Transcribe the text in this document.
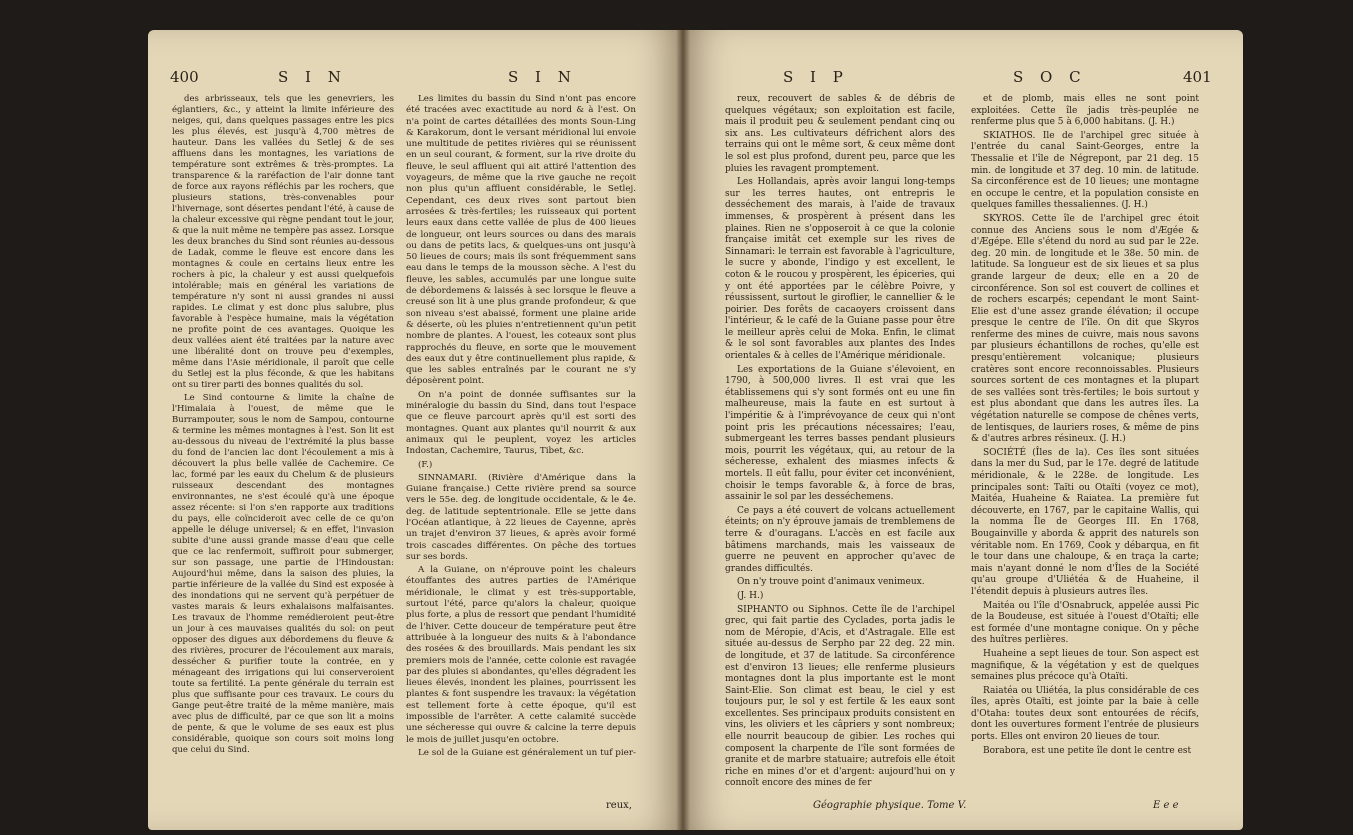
400	S I N	S I N

des arbrisseaux, tels que les genevriers, les églantiers, &c., y atteint la limite inférieure des neiges, qui, dans quelques passages entre les pics les plus élevés, est jusqu'à 4,700 mètres de hauteur. Dans les vallées du Setlej & de ses affluens dans les montagnes, les variations de température sont extrêmes & très-promptes. La transparence & la raréfaction de l'air donne tant de force aux rayons réfléchis par les rochers, que plusieurs stations, très-convenables pour l'hivernage, sont désertes pendant l'été, à cause de la chaleur excessive qui règne pendant tout le jour, & que la nuit même ne tempère pas assez. Lorsque les deux branches du Sind sont réunies au-dessous de Ladak, comme le fleuve est encore dans les montagnes & coule en certains lieux entre les rochers à pic, la chaleur y est aussi quelquefois intolérable; mais en général les variations de température n'y sont ni aussi grandes ni aussi rapides. Le climat y est donc plus salubre, plus favorable à l'espèce humaine, mais la végétation ne profite point de ces avantages. Quoique les deux vallées aient été traitées par la nature avec une libéralité dont on trouve peu d'exemples, même dans l'Asie méridionale, il paroît que celle du Setlej est la plus féconde, & que les habitans ont su tirer parti des bonnes qualités du sol.

Le Sind contourne & limite la chaîne de l'Himalaia à l'ouest, de même que le Burrampouter, sous le nom de Sampou, contourne & termine les mêmes montagnes à l'est. Son lit est au-dessous du niveau de l'extrémité la plus basse du fond de l'ancien lac dont l'écoulement a mis à découvert la plus belle vallée de Cachemire. Ce lac, formé par les eaux du Chelum & de plusieurs ruisseaux descendant des montagnes environnantes, ne s'est écoulé qu'à une époque assez récente: si l'on s'en rapporte aux traditions du pays, elle coïncideroit avec celle de ce qu'on appelle le déluge universel; & en effet, l'invasion subite d'une aussi grande masse d'eau que celle que ce lac renfermoit, suffiroit pour submerger, sur son passage, une partie de l'Hindoustan: Aujourd'hui même, dans la saison des pluies, la partie inférieure de la vallée du Sind est exposée à des inondations qui ne servent qu'à perpétuer de vastes marais & leurs exhalaisons malfaisantes. Les travaux de l'homme remédieroient peut-être un jour à ces mauvaises qualités du sol: on peut opposer des digues aux débordemens du fleuve & des rivières, procurer de l'écoulement aux marais, dessécher & purifier toute la contrée, en y ménageant des irrigations qui lui conserveroient toute sa fertilité. La pente générale du terrain est plus que suffisante pour ces travaux. Le cours du Gange peut-être traité de la même manière, mais avec plus de difficulté, par ce que son lit a moins de pente, & que le volume de ses eaux est plus considérable, quoique son cours soit moins long que celui du Sind.

Les limites du bassin du Sind n'ont pas encore été tracées avec exactitude au nord & à l'est. On n'a point de cartes détaillées des monts Soun-Ling & Karakorum, dont le versant méridional lui envoie une multitude de petites rivières qui se réunissent en un seul courant, & forment, sur la rive droite du fleuve, le seul affluent qui ait attiré l'attention des voyageurs, de même que la rive gauche ne reçoit non plus qu'un affluent considérable, le Setlej. Cependant, ces deux rives sont partout bien arrosées & très-fertiles; les ruisseaux qui portent leurs eaux dans cette vallée de plus de 400 lieues de longueur, ont leurs sources ou dans des marais ou dans de petits lacs, & quelques-uns ont jusqu'à 50 lieues de cours; mais ils sont fréquemment sans eau dans le temps de la mousson sèche. A l'est du fleuve, les sables, accumulés par une longue suite de débordemens & laissés à sec lorsque le fleuve a creusé son lit à une plus grande profondeur, & que son niveau s'est abaissé, forment une plaine aride & déserte, où les pluies n'entretiennent qu'un petit nombre de plantes. A l'ouest, les coteaux sont plus rapprochés du fleuve, en sorte que le mouvement des eaux dut y être continuellement plus rapide, & que les sables entraînés par le courant ne s'y déposèrent point.

On n'a point de donnée suffisantes sur la minéralogie du bassin du Sind, dans tout l'espace que ce fleuve parcourt après qu'il est sorti des montagnes. Quant aux plantes qu'il nourrit & aux animaux qui le peuplent, voyez les articles Indostan, Cachemire, Taurus, Tibet, &c.

(F.)

SINNAMARI. (Rivière d'Amérique dans la Guiane française.) Cette rivière prend sa source vers le 55e. deg. de longitude occidentale, & le 4e. deg. de latitude septentrionale. Elle se jette dans l'Océan atlantique, à 22 lieues de Cayenne, après un trajet d'environ 37 lieues, & après avoir formé trois cascades différentes. On pêche des tortues sur ses bords.

A la Guiane, on n'éprouve point les chaleurs étouffantes des autres parties de l'Amérique méridionale, le climat y est très-supportable, surtout l'été, parce qu'alors la chaleur, quoique plus forte, a plus de ressort que pendant l'humidité de l'hiver. Cette douceur de température peut être attribuée à la longueur des nuits & à l'abondance des rosées & des brouillards. Mais pendant les six premiers mois de l'année, cette colonie est ravagée par des pluies si abondantes, qu'elles dégradent les lieues élevés, inondent les plaines, pourrissent les plantes & font suspendre les travaux: la végétation est tellement forte à cette époque, qu'il est impossible de l'arrêter. A cette calamité succède une sécheresse qui ouvre & calcine la terre depuis le mois de juillet jusqu'en octobre.

Le sol de la Guiane est généralement un tuf pier-

reux,
S I P	S O C	401

reux, recouvert de sables & de débris de quelques végétaux; son exploitation est facile, mais il produit peu & seulement pendant cinq ou six ans. Les cultivateurs défrichent alors des terrains qui ont le même sort, & ceux même dont le sol est plus profond, durent peu, parce que les pluies les ravagent promptement.

Les Hollandais, après avoir langui long-temps sur les terres hautes, ont entrepris le desséchement des marais, à l'aide de travaux immenses, & prospèrent à présent dans les plaines. Rien ne s'opposeroit à ce que la colonie française imitât cet exemple sur les rives de Sinnamari: le terrain est favorable à l'agriculture, le sucre y abonde, l'indigo y est excellent, le coton & le roucou y prospèrent, les épiceries, qui y ont été apportées par le célèbre Poivre, y réussissent, surtout le giroflier, le cannellier & le poirier. Des forêts de cacaoyers croissent dans l'intérieur, & le café de la Guiane passe pour être le meilleur après celui de Moka. Enfin, le climat & le sol sont favorables aux plantes des Indes orientales & à celles de l'Amérique méridionale.

Les exportations de la Guiane s'élevoient, en 1790, à 500,000 livres. Il est vrai que les établissemens qui s'y sont formés ont eu une fin malheureuse, mais la faute en est surtout à l'impéritie & à l'imprévoyance de ceux qui n'ont point pris les précautions nécessaires; l'eau, submergeant les terres basses pendant plusieurs mois, pourrit les végétaux, qui, au retour de la sécheresse, exhalent des miasmes infects & mortels. Il eût fallu, pour éviter cet inconvénient, choisir le temps favorable &, à force de bras, assainir le sol par les desséchemens.

Ce pays a été couvert de volcans actuellement éteints; on n'y éprouve jamais de tremblemens de terre & d'ouragans. L'accès en est facile aux bâtimens marchands, mais les vaisseaux de guerre ne peuvent en approcher qu'avec de grandes difficultés.

On n'y trouve point d'animaux venimeux.

(J. H.)

SIPHANTO ou Siphnos. Cette île de l'archipel grec, qui fait partie des Cyclades, porta jadis le nom de Méropie, d'Acis, et d'Astragale. Elle est située au-dessus de Serpho par 22 deg. 22 min. de longitude, et 37 de latitude. Sa circonférence est d'environ 13 lieues; elle renferme plusieurs montagnes dont la plus importante est le mont Saint-Elie. Son climat est beau, le ciel y est toujours pur, le sol y est fertile & les eaux sont excellentes. Ses principaux produits consistent en vins, les oliviers et les câpriers y sont nombreux; elle nourrit beaucoup de gibier. Les roches qui composent la charpente de l'île sont formées de granite et de marbre statuaire; autrefois elle étoit riche en mines d'or et d'argent: aujourd'hui on y connoît encore des mines de fer

et de plomb, mais elles ne sont point exploitées. Cette île jadis très-peuplée ne renferme plus que 5 à 6,000 habitans. (J. H.)

SKIATHOS. Ile de l'archipel grec située à l'entrée du canal Saint-Georges, entre la Thessalie et l'île de Négrepont, par 21 deg. 15 min. de longitude et 37 deg. 10 min. de latitude. Sa circonférence est de 10 lieues; une montagne en occupe le centre, et la population consiste en quelques familles thessaliennes. (J. H.)

SKYROS. Cette île de l'archipel grec étoit connue des Anciens sous le nom d'Ægée & d'Ægépe. Elle s'étend du nord au sud par le 22e. deg. 20 min. de longitude et le 38e. 50 min. de latitude. Sa longueur est de six lieues et sa plus grande largeur de deux; elle en a 20 de circonférence. Son sol est couvert de collines et de rochers escarpés; cependant le mont Saint-Elie est d'une assez grande élévation; il occupe presque le centre de l'île. On dit que Skyros renferme des mines de cuivre, mais nous savons par plusieurs échantillons de roches, qu'elle est presqu'entièrement volcanique; plusieurs cratères sont encore reconnoissables. Plusieurs sources sortent de ces montagnes et la plupart de ses vallées sont très-fertiles; le bois surtout y est plus abondant que dans les autres îles. La végétation naturelle se compose de chênes verts, de lentisques, de lauriers roses, & même de pins & d'autres arbres résineux. (J. H.)

SOCIÉTÉ (Îles de la). Ces îles sont situées dans la mer du Sud, par le 17e. degré de latitude méridionale, & le 228e. de longitude. Les principales sont: Taïti ou Otaïti (voyez ce mot), Maitéa, Huaheine & Raiatea. La première fut découverte, en 1767, par le capitaine Wallis, qui la nomma Île de Georges III. En 1768, Bougainville y aborda & apprit des naturels son véritable nom. En 1769, Cook y débarqua, en fit le tour dans une chaloupe, & en traça la carte; mais n'ayant donné le nom d'Îles de la Société qu'au groupe d'Uliétéa & de Huaheine, il l'étendit depuis à plusieurs autres îles.

Maitéa ou l'île d'Osnabruck, appelée aussi Pic de la Boudeuse, est située à l'ouest d'Otaïti; elle est formée d'une montagne conique. On y pêche des huîtres perlières.

Huaheine a sept lieues de tour. Son aspect est magnifique, & la végétation y est de quelques semaines plus précoce qu'à Otaïti.

Raiatéa ou Uliétéa, la plus considérable de ces îles, après Otaïti, est jointe par la baie à celle d'Otaha: toutes deux sont entourées de récifs, dont les ouvertures forment l'entrée de plusieurs ports. Elles ont environ 20 lieues de tour.

Borabora, est une petite île dont le centre est

Géographie physique. Tome V.	E e e
